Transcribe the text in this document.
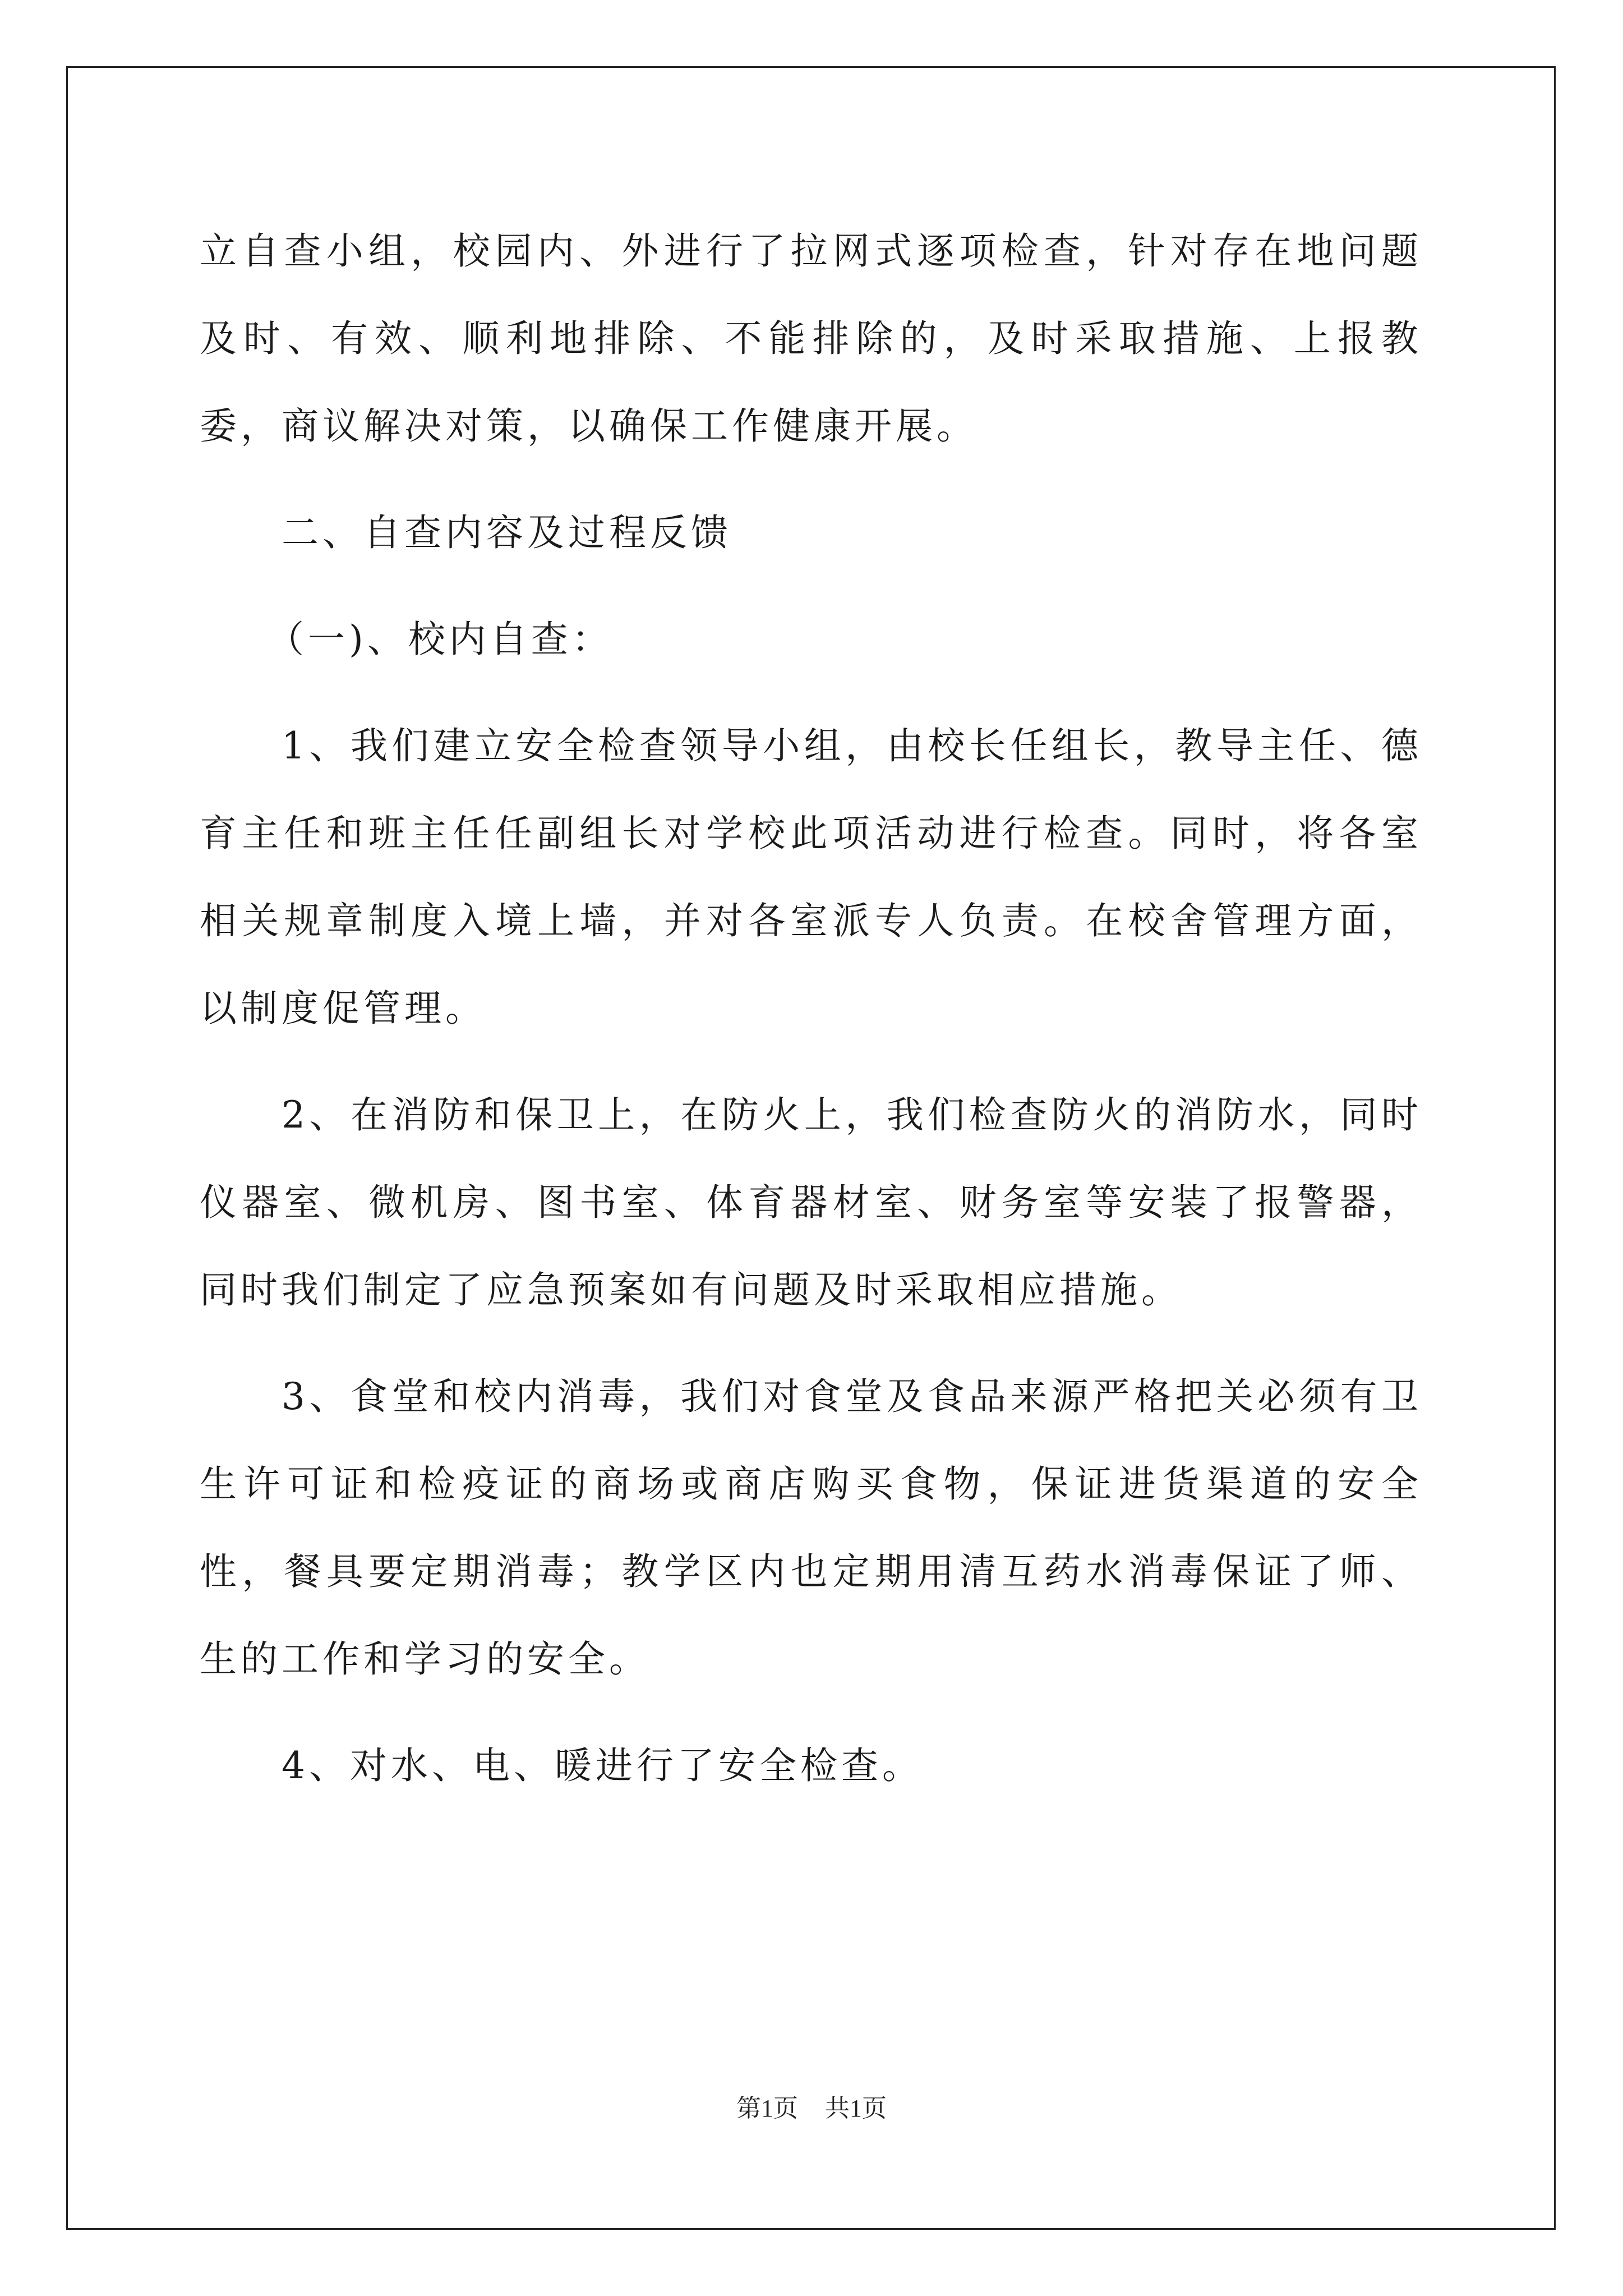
立自查小组，校园内、外进行了拉网式逐项检查，针对存在地问题及时、有效、顺利地排除、不能排除的，及时采取措施、上报教委，商议解决对策，以确保工作健康开展。

二、自查内容及过程反馈

（一)、校内自查：

1、我们建立安全检查领导小组，由校长任组长，教导主任、德育主任和班主任任副组长对学校此项活动进行检查。同时，将各室相关规章制度入境上墙，并对各室派专人负责。在校舍管理方面，以制度促管理。

2、在消防和保卫上，在防火上，我们检查防火的消防水，同时仪器室、微机房、图书室、体育器材室、财务室等安装了报警器，同时我们制定了应急预案如有问题及时采取相应措施。

3、食堂和校内消毒，我们对食堂及食品来源严格把关必须有卫生许可证和检疫证的商场或商店购买食物，保证进货渠道的安全性，餐具要定期消毒；教学区内也定期用清互药水消毒保证了师、生的工作和学习的安全。

4、对水、电、暖进行了安全检查。

第1页 共1页
